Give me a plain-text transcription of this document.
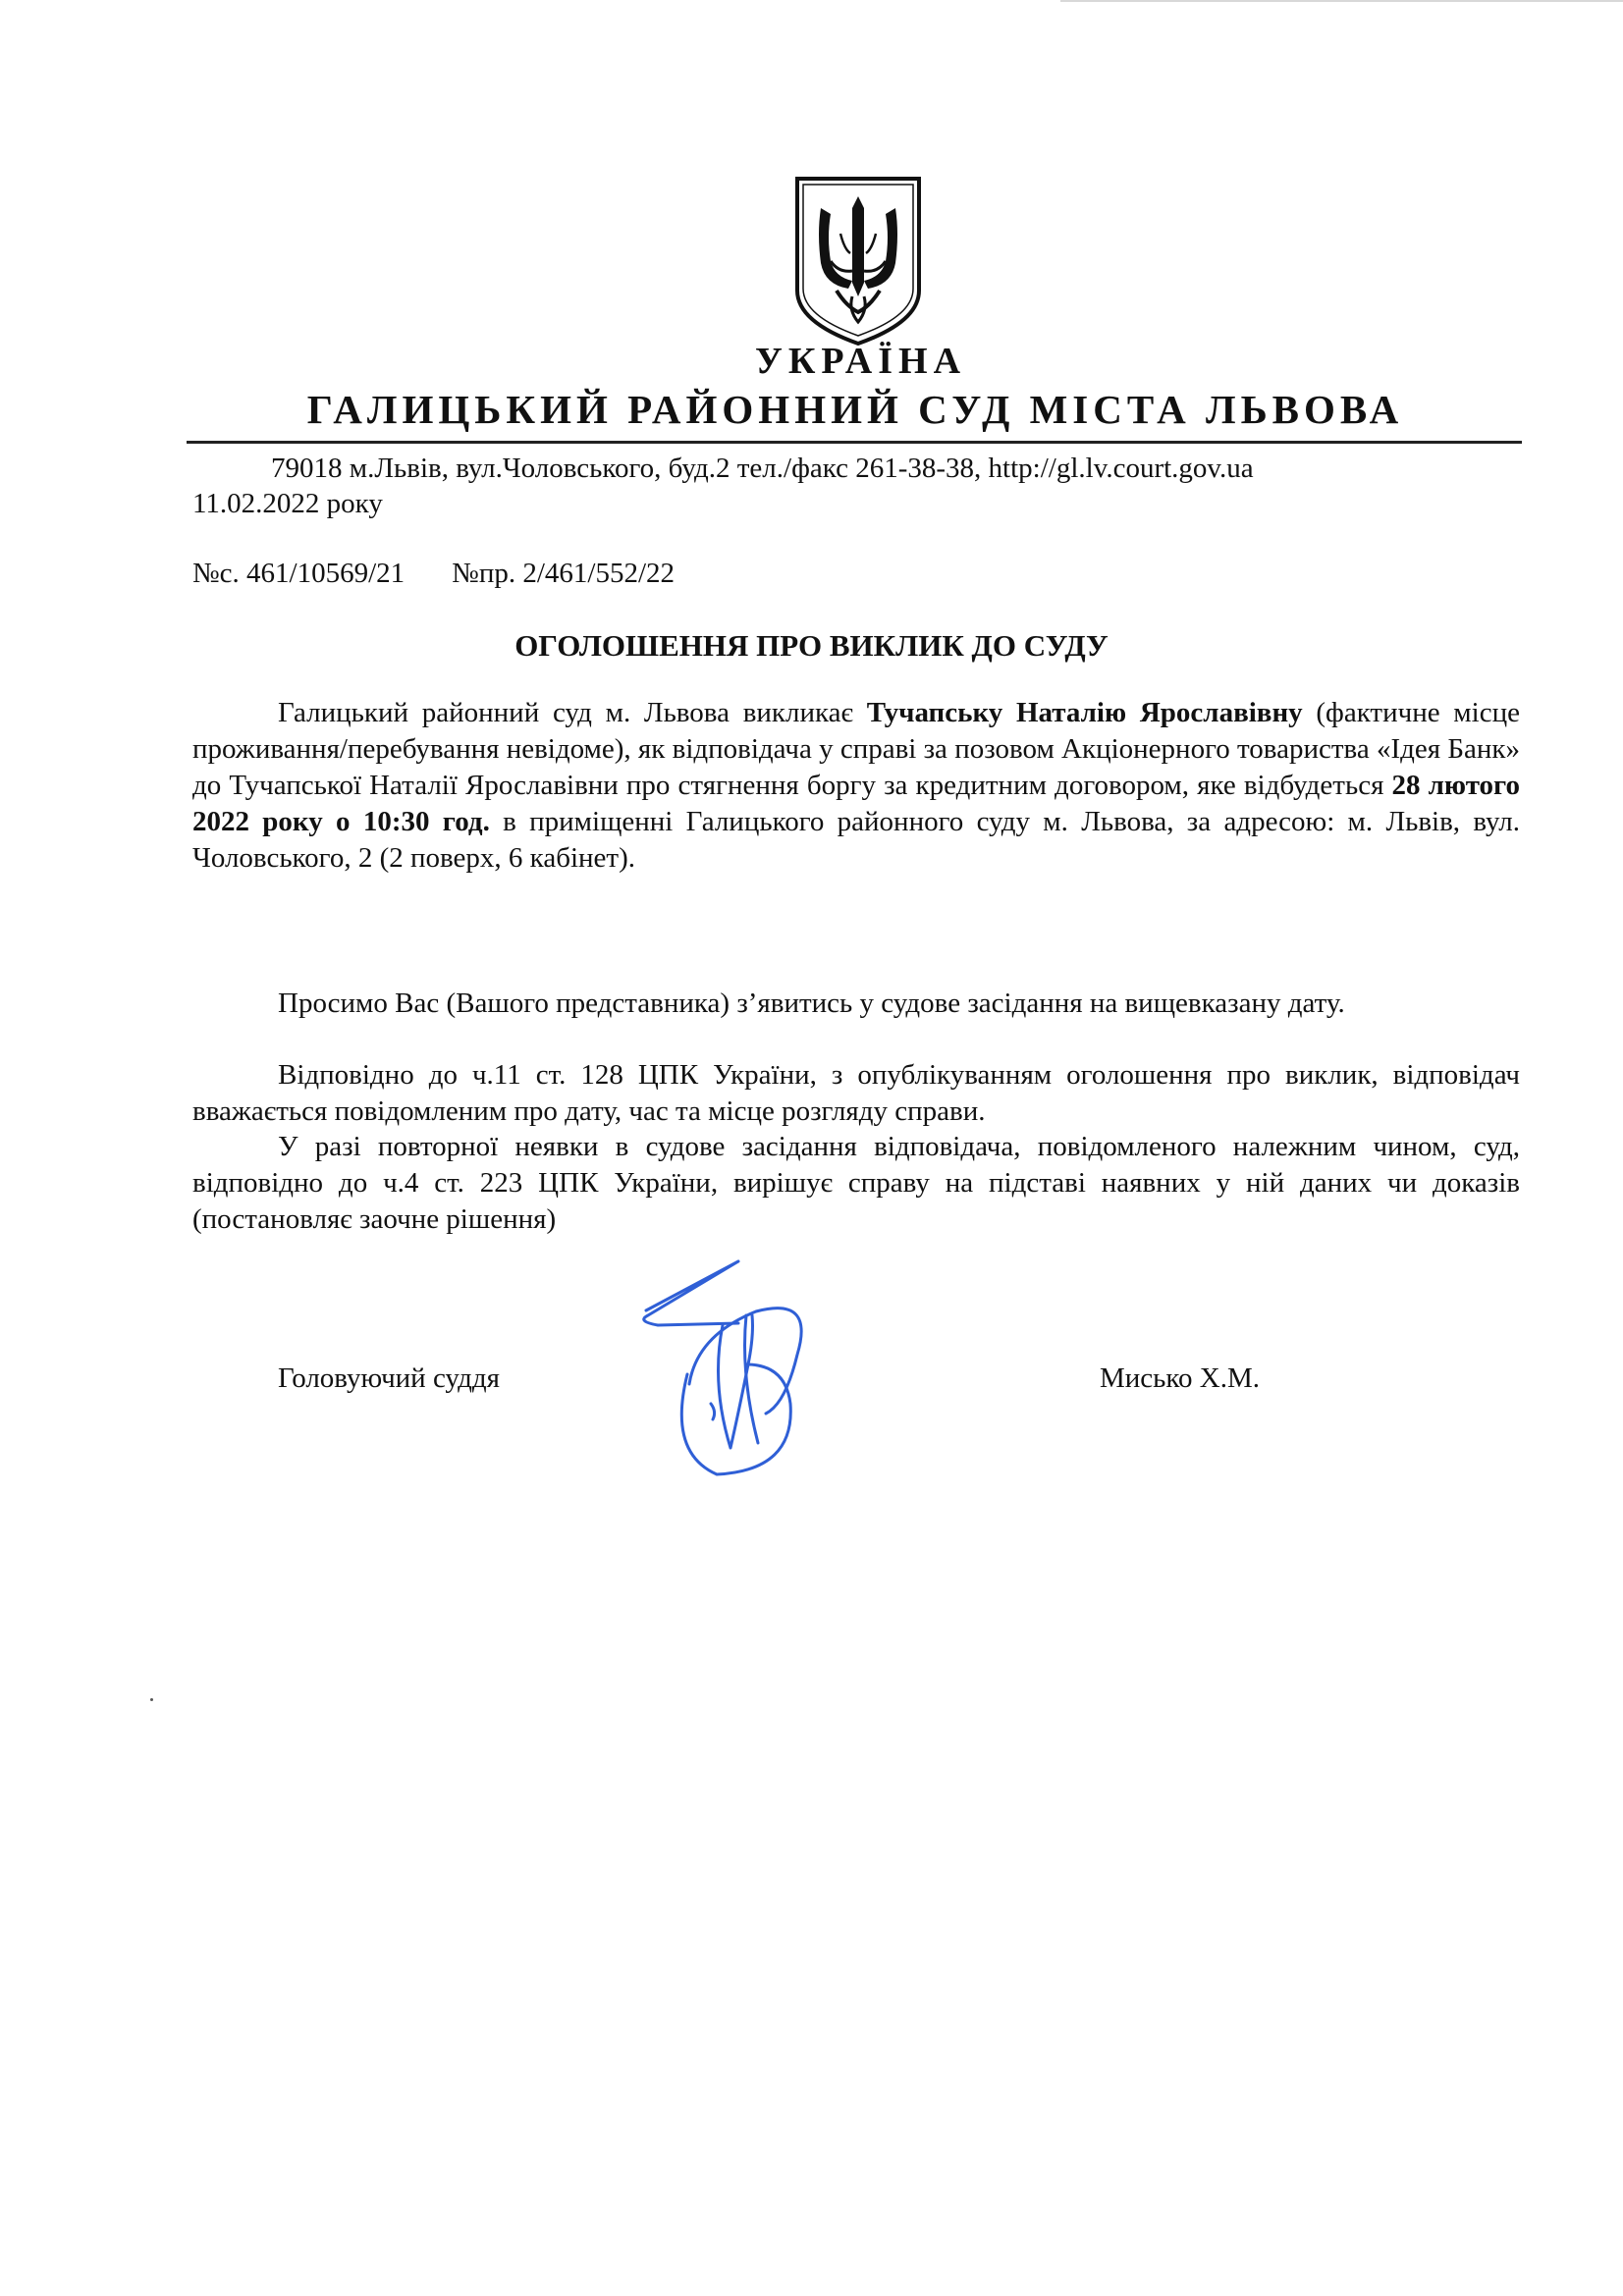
УКРАЇНА
ГАЛИЦЬКИЙ РАЙОННИЙ СУД МІСТА ЛЬВОВА
79018 м.Львів, вул.Чоловського, буд.2 тел./факс 261-38-38, http://gl.lv.court.gov.ua
11.02.2022 року
№с. 461/10569/21 №пр. 2/461/552/22
ОГОЛОШЕННЯ ПРО ВИКЛИК ДО СУДУ
Галицький районний суд м. Львова викликає Тучапську Наталію Ярославівну (фактичне місце проживання/перебування невідоме), як відповідача у справі за позовом Акціонерного товариства «Ідея Банк» до Тучапської Наталії Ярославівни про стягнення боргу за кредитним договором, яке відбудеться 28 лютого 2022 року о 10:30 год. в приміщенні Галицького районного суду м. Львова, за адресою: м. Львів, вул. Чоловського, 2 (2 поверх, 6 кабінет).
Просимо Вас (Вашого представника) з’явитись у судове засідання на вищевказану дату.
Відповідно до ч.11 ст. 128 ЦПК України, з опублікуванням оголошення про виклик, відповідач вважається повідомленим про дату, час та місце розгляду справи.
У разі повторної неявки в судове засідання відповідача, повідомленого належним чином, суд, відповідно до ч.4 ст. 223 ЦПК України, вирішує справу на підставі наявних у ній даних чи доказів (постановляє заочне рішення)
Головуючий суддя	Мисько Х.М.
